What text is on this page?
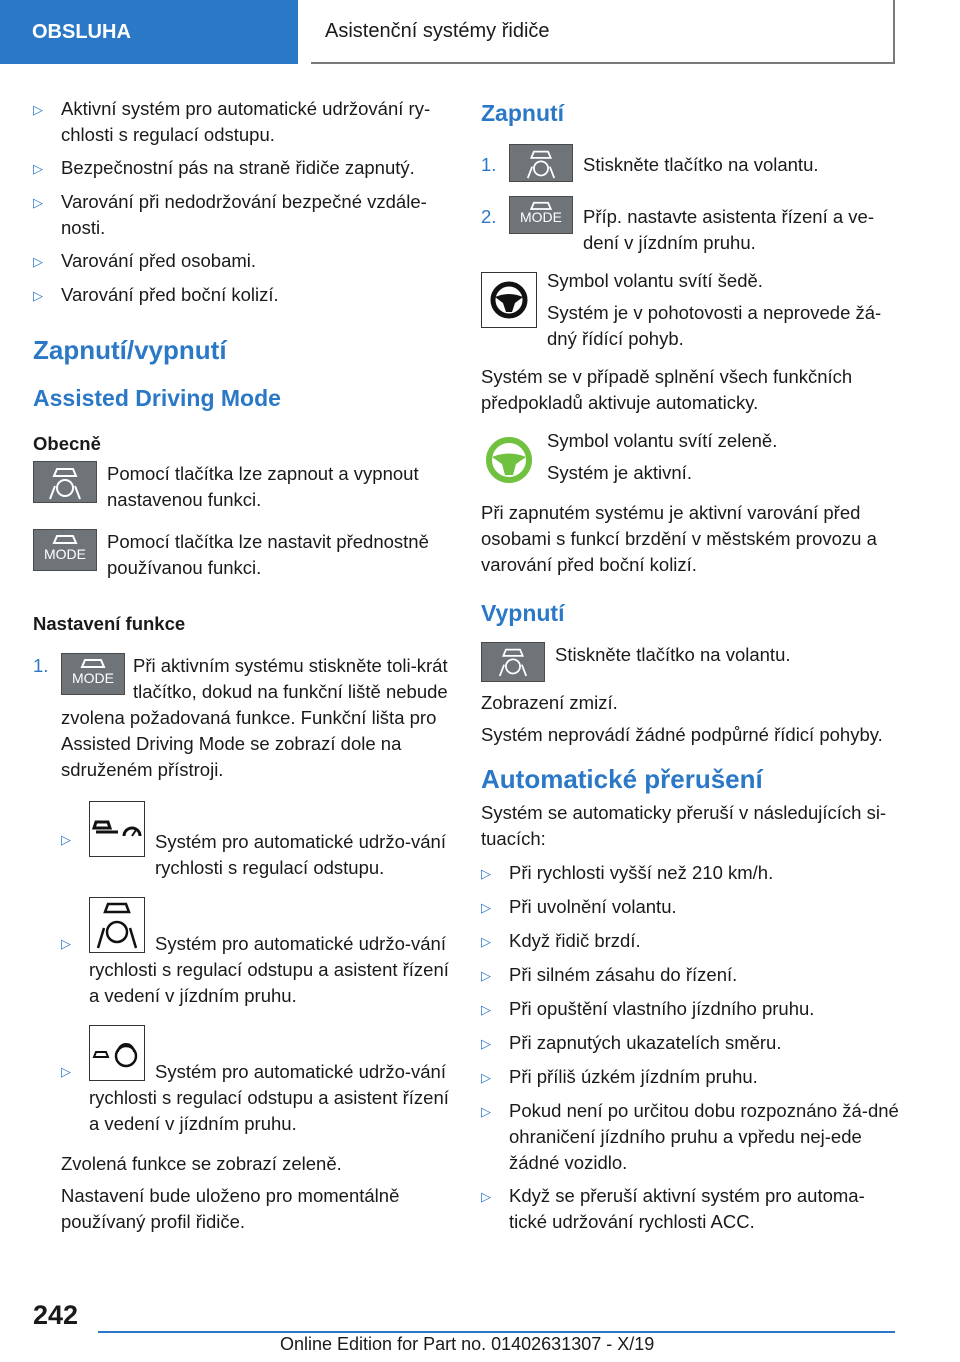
OBSLUHA	Asistenční systémy řidiče
▷ Aktivní systém pro automatické udržování ry-chlosti s regulací odstupu.
▷ Bezpečnostní pás na straně řidiče zapnutý.
▷ Varování při nedodržování bezpečné vzdále-nosti.
▷ Varování před osobami.
▷ Varování před boční kolizí.
Zapnutí/vypnutí
Assisted Driving Mode
Obecně
Pomocí tlačítka lze zapnout a vypnout nastavenou funkci.
MODE
Pomocí tlačítka lze nastavit přednostně používanou funkci.
Nastavení funkce
1.
MODE
Při aktivním systému stiskněte toli-krát tlačítko, dokud na funkční liště nebude zvolena požadovaná funkce. Funkční lišta pro Assisted Driving Mode se zobrazí dole na sdruženém přístroji.
▷	Systém pro automatické udržo-vání rychlosti s regulací odstupu.
▷	Systém pro automatické udržo-vání rychlosti s regulací odstupu a asistent řízení a vedení v jízdním pruhu.
▷	Systém pro automatické udržo-vání rychlosti s regulací odstupu a asistent řízení a vedení v jízdním pruhu.
Zvolená funkce se zobrazí zeleně.
Nastavení bude uloženo pro momentálně používaný profil řidiče.
Zapnutí
1.	Stiskněte tlačítko na volantu.
2.	MODE	Příp. nastavte asistenta řízení a ve-dení v jízdním pruhu.
Symbol volantu svítí šedě.
Systém je v pohotovosti a neprovede žá-dný řídící pohyb.
Systém se v případě splnění všech funkčních předpokladů aktivuje automaticky.
Symbol volantu svítí zeleně.
Systém je aktivní.
Při zapnutém systému je aktivní varování před osobami s funkcí brzdění v městském provozu a varování před boční kolizí.
Vypnutí
Stiskněte tlačítko na volantu.
Zobrazení zmizí.
Systém neprovádí žádné podpůrné řídicí pohyby.
Automatické přerušení
Systém se automaticky přeruší v následujících si-tuacích:
▷ Při rychlosti vyšší než 210 km/h.
▷ Při uvolnění volantu.
▷ Když řidič brzdí.
▷ Při silném zásahu do řízení.
▷ Při opuštění vlastního jízdního pruhu.
▷ Při zapnutých ukazatelích směru.
▷ Při příliš úzkém jízdním pruhu.
▷ Pokud není po určitou dobu rozpoznáno žá-dné ohraničení jízdního pruhu a vpředu nej-ede žádné vozidlo.
▷ Když se přeruší aktivní systém pro automa-tické udržování rychlosti ACC.
242
Online Edition for Part no. 01402631307 - X/19
